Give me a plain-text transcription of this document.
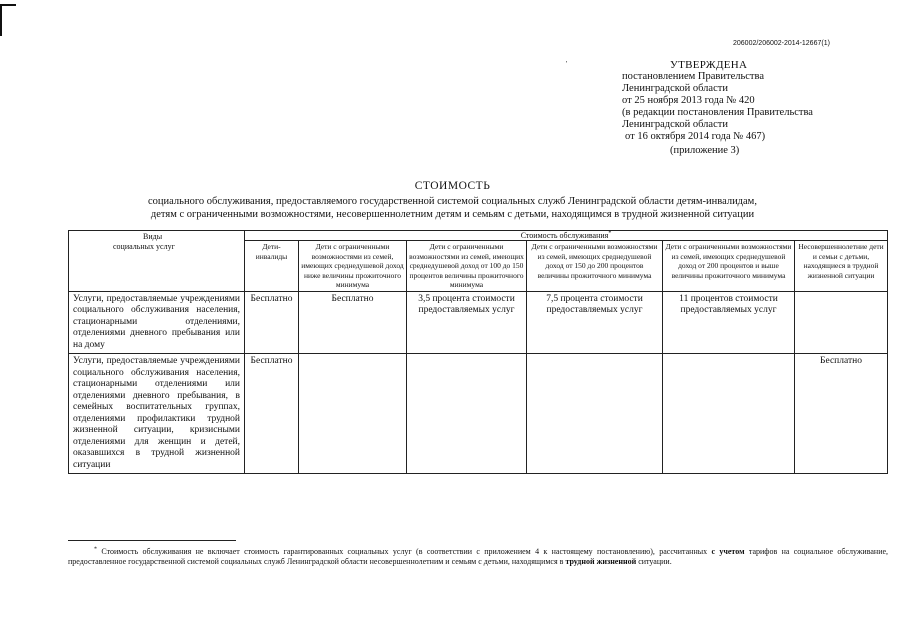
206002/206002-2014-12667(1)
'	УТВЕРЖДЕНА
постановлением Правительства
Ленинградской области
от 25 ноября 2013 года № 420
(в редакции постановления Правительства
Ленинградской области
от 16 октября 2014 года № 467)
(приложение 3)
СТОИМОСТЬ
социального обслуживания, предоставляемого государственной системой социальных служб Ленинградской области детям-инвалидам,
детям с ограниченными возможностями, несовершеннолетним детям и семьям с детьми, находящимся в трудной жизненной ситуации
Виды
социальных услуг	Стоимость обслуживания*
	Дети-инвалиды	Дети с ограниченными возможностями из семей, имеющих среднедушевой доход ниже величины прожиточного минимума	Дети с ограниченными возможностями из семей, имеющих среднедушевой доход от 100 до 150 процентов величины прожиточного минимума	Дети с ограниченными возможностями из семей, имеющих среднедушевой доход от 150 до 200 процентов величины прожиточного минимума	Дети с ограниченными возможностями из семей, имеющих среднедушевой доход от 200 процентов и выше величины прожиточного минимума	Несовершеннолетние дети и семьи с детьми, находящиеся в трудной жизненной ситуации
Услуги, предоставляемые учреждениями социального обслуживания населения, стационарными отделениями, отделениями дневного пребывания или на дому	Бесплатно	Бесплатно	3,5 процента стоимости предоставляемых услуг	7,5 процента стоимости предоставляемых услуг	11 процентов стоимости предоставляемых услуг	
Услуги, предоставляемые учреждениями социального обслуживания населения, стационарными отделениями или отделениями дневного пребывания, в семейных воспитательных группах, отделениями профилактики трудной жизненной ситуации, кризисными отделениями для женщин и детей, оказавшихся в трудной жизненной ситуации	Бесплатно					Бесплатно
* Стоимость обслуживания не включает стоимость гарантированных социальных услуг (в соответствии с приложением 4 к настоящему постановлению), рассчитанных с учетом тарифов на социальное обслуживание, предоставленное государственной системой социальных служб Ленинградской области несовершеннолетним и семьям с детьми, находящимся в трудной жизненной ситуации.
